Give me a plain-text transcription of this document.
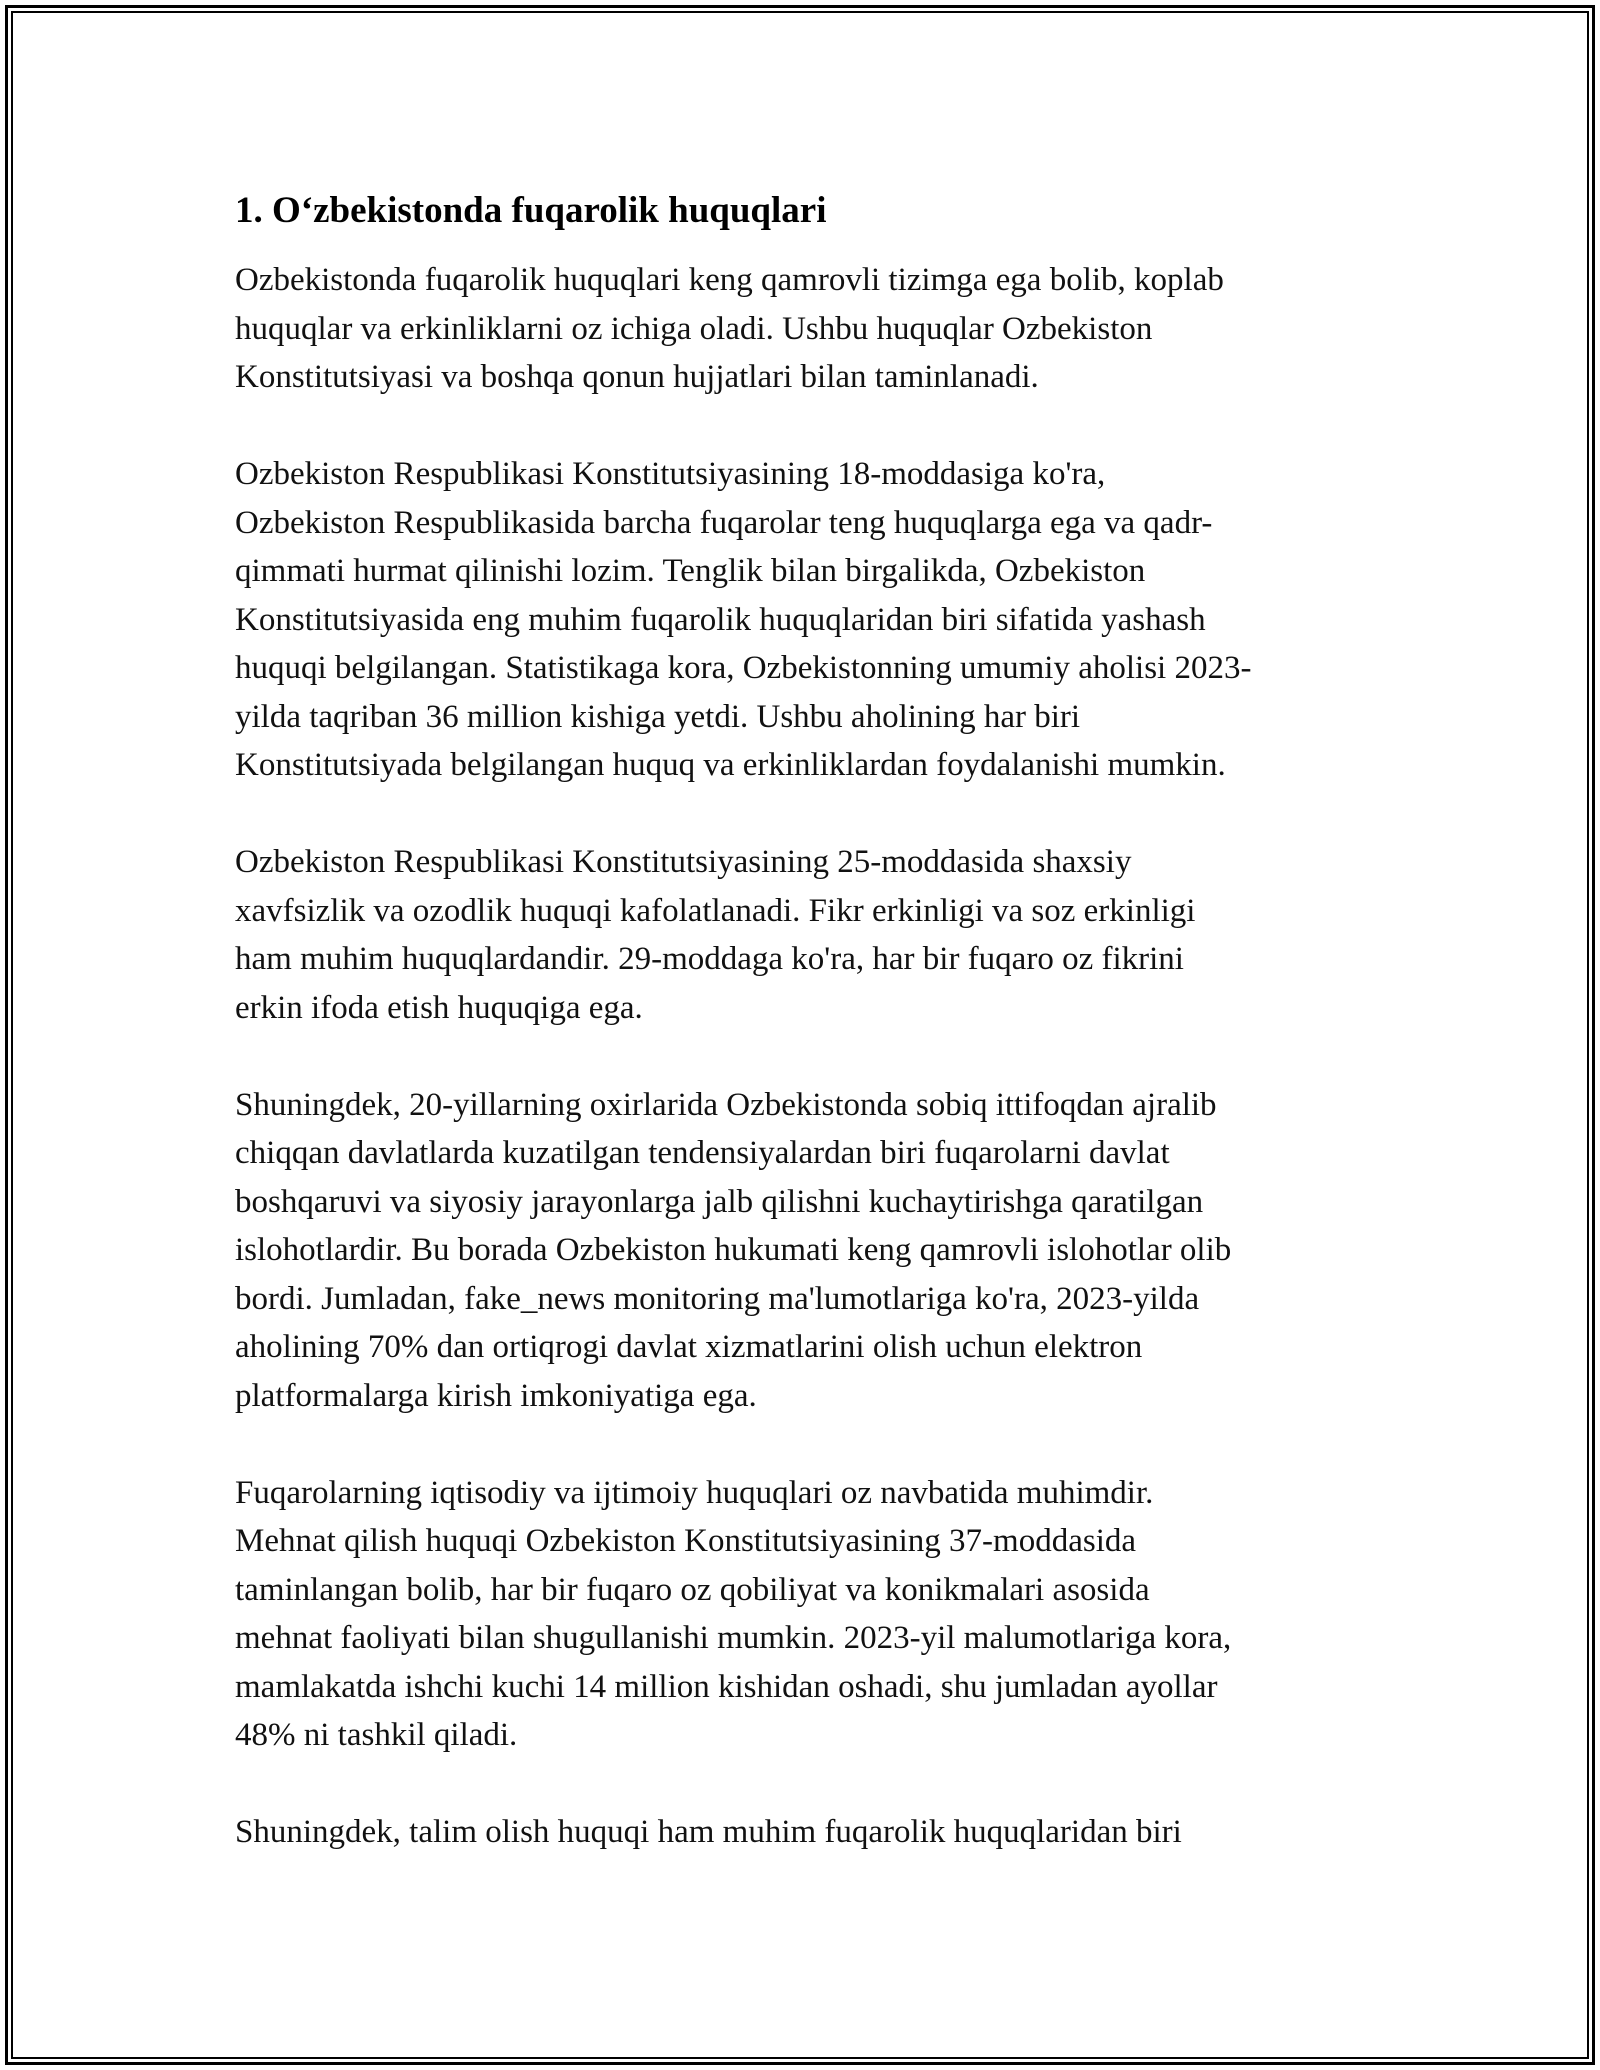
1. Oʻzbekistonda fuqarolik huquqlari

Ozbekistonda fuqarolik huquqlari keng qamrovli tizimga ega bolib, koplab
huquqlar va erkinliklarni oz ichiga oladi. Ushbu huquqlar Ozbekiston
Konstitutsiyasi va boshqa qonun hujjatlari bilan taminlanadi.

Ozbekiston Respublikasi Konstitutsiyasining 18-moddasiga ko'ra,
Ozbekiston Respublikasida barcha fuqarolar teng huquqlarga ega va qadr-
qimmati hurmat qilinishi lozim. Tenglik bilan birgalikda, Ozbekiston
Konstitutsiyasida eng muhim fuqarolik huquqlaridan biri sifatida yashash
huquqi belgilangan. Statistikaga kora, Ozbekistonning umumiy aholisi 2023-
yilda taqriban 36 million kishiga yetdi. Ushbu aholining har biri
Konstitutsiyada belgilangan huquq va erkinliklardan foydalanishi mumkin.

Ozbekiston Respublikasi Konstitutsiyasining 25-moddasida shaxsiy
xavfsizlik va ozodlik huquqi kafolatlanadi. Fikr erkinligi va soz erkinligi
ham muhim huquqlardandir. 29-moddaga ko'ra, har bir fuqaro oz fikrini
erkin ifoda etish huquqiga ega.

Shuningdek, 20-yillarning oxirlarida Ozbekistonda sobiq ittifoqdan ajralib
chiqqan davlatlarda kuzatilgan tendensiyalardan biri fuqarolarni davlat
boshqaruvi va siyosiy jarayonlarga jalb qilishni kuchaytirishga qaratilgan
islohotlardir. Bu borada Ozbekiston hukumati keng qamrovli islohotlar olib
bordi. Jumladan, fake_news monitoring ma'lumotlariga ko'ra, 2023-yilda
aholining 70% dan ortiqrogi davlat xizmatlarini olish uchun elektron
platformalarga kirish imkoniyatiga ega.

Fuqarolarning iqtisodiy va ijtimoiy huquqlari oz navbatida muhimdir.
Mehnat qilish huquqi Ozbekiston Konstitutsiyasining 37-moddasida
taminlangan bolib, har bir fuqaro oz qobiliyat va konikmalari asosida
mehnat faoliyati bilan shugullanishi mumkin. 2023-yil malumotlariga kora,
mamlakatda ishchi kuchi 14 million kishidan oshadi, shu jumladan ayollar
48% ni tashkil qiladi.

Shuningdek, talim olish huquqi ham muhim fuqarolik huquqlaridan biri
